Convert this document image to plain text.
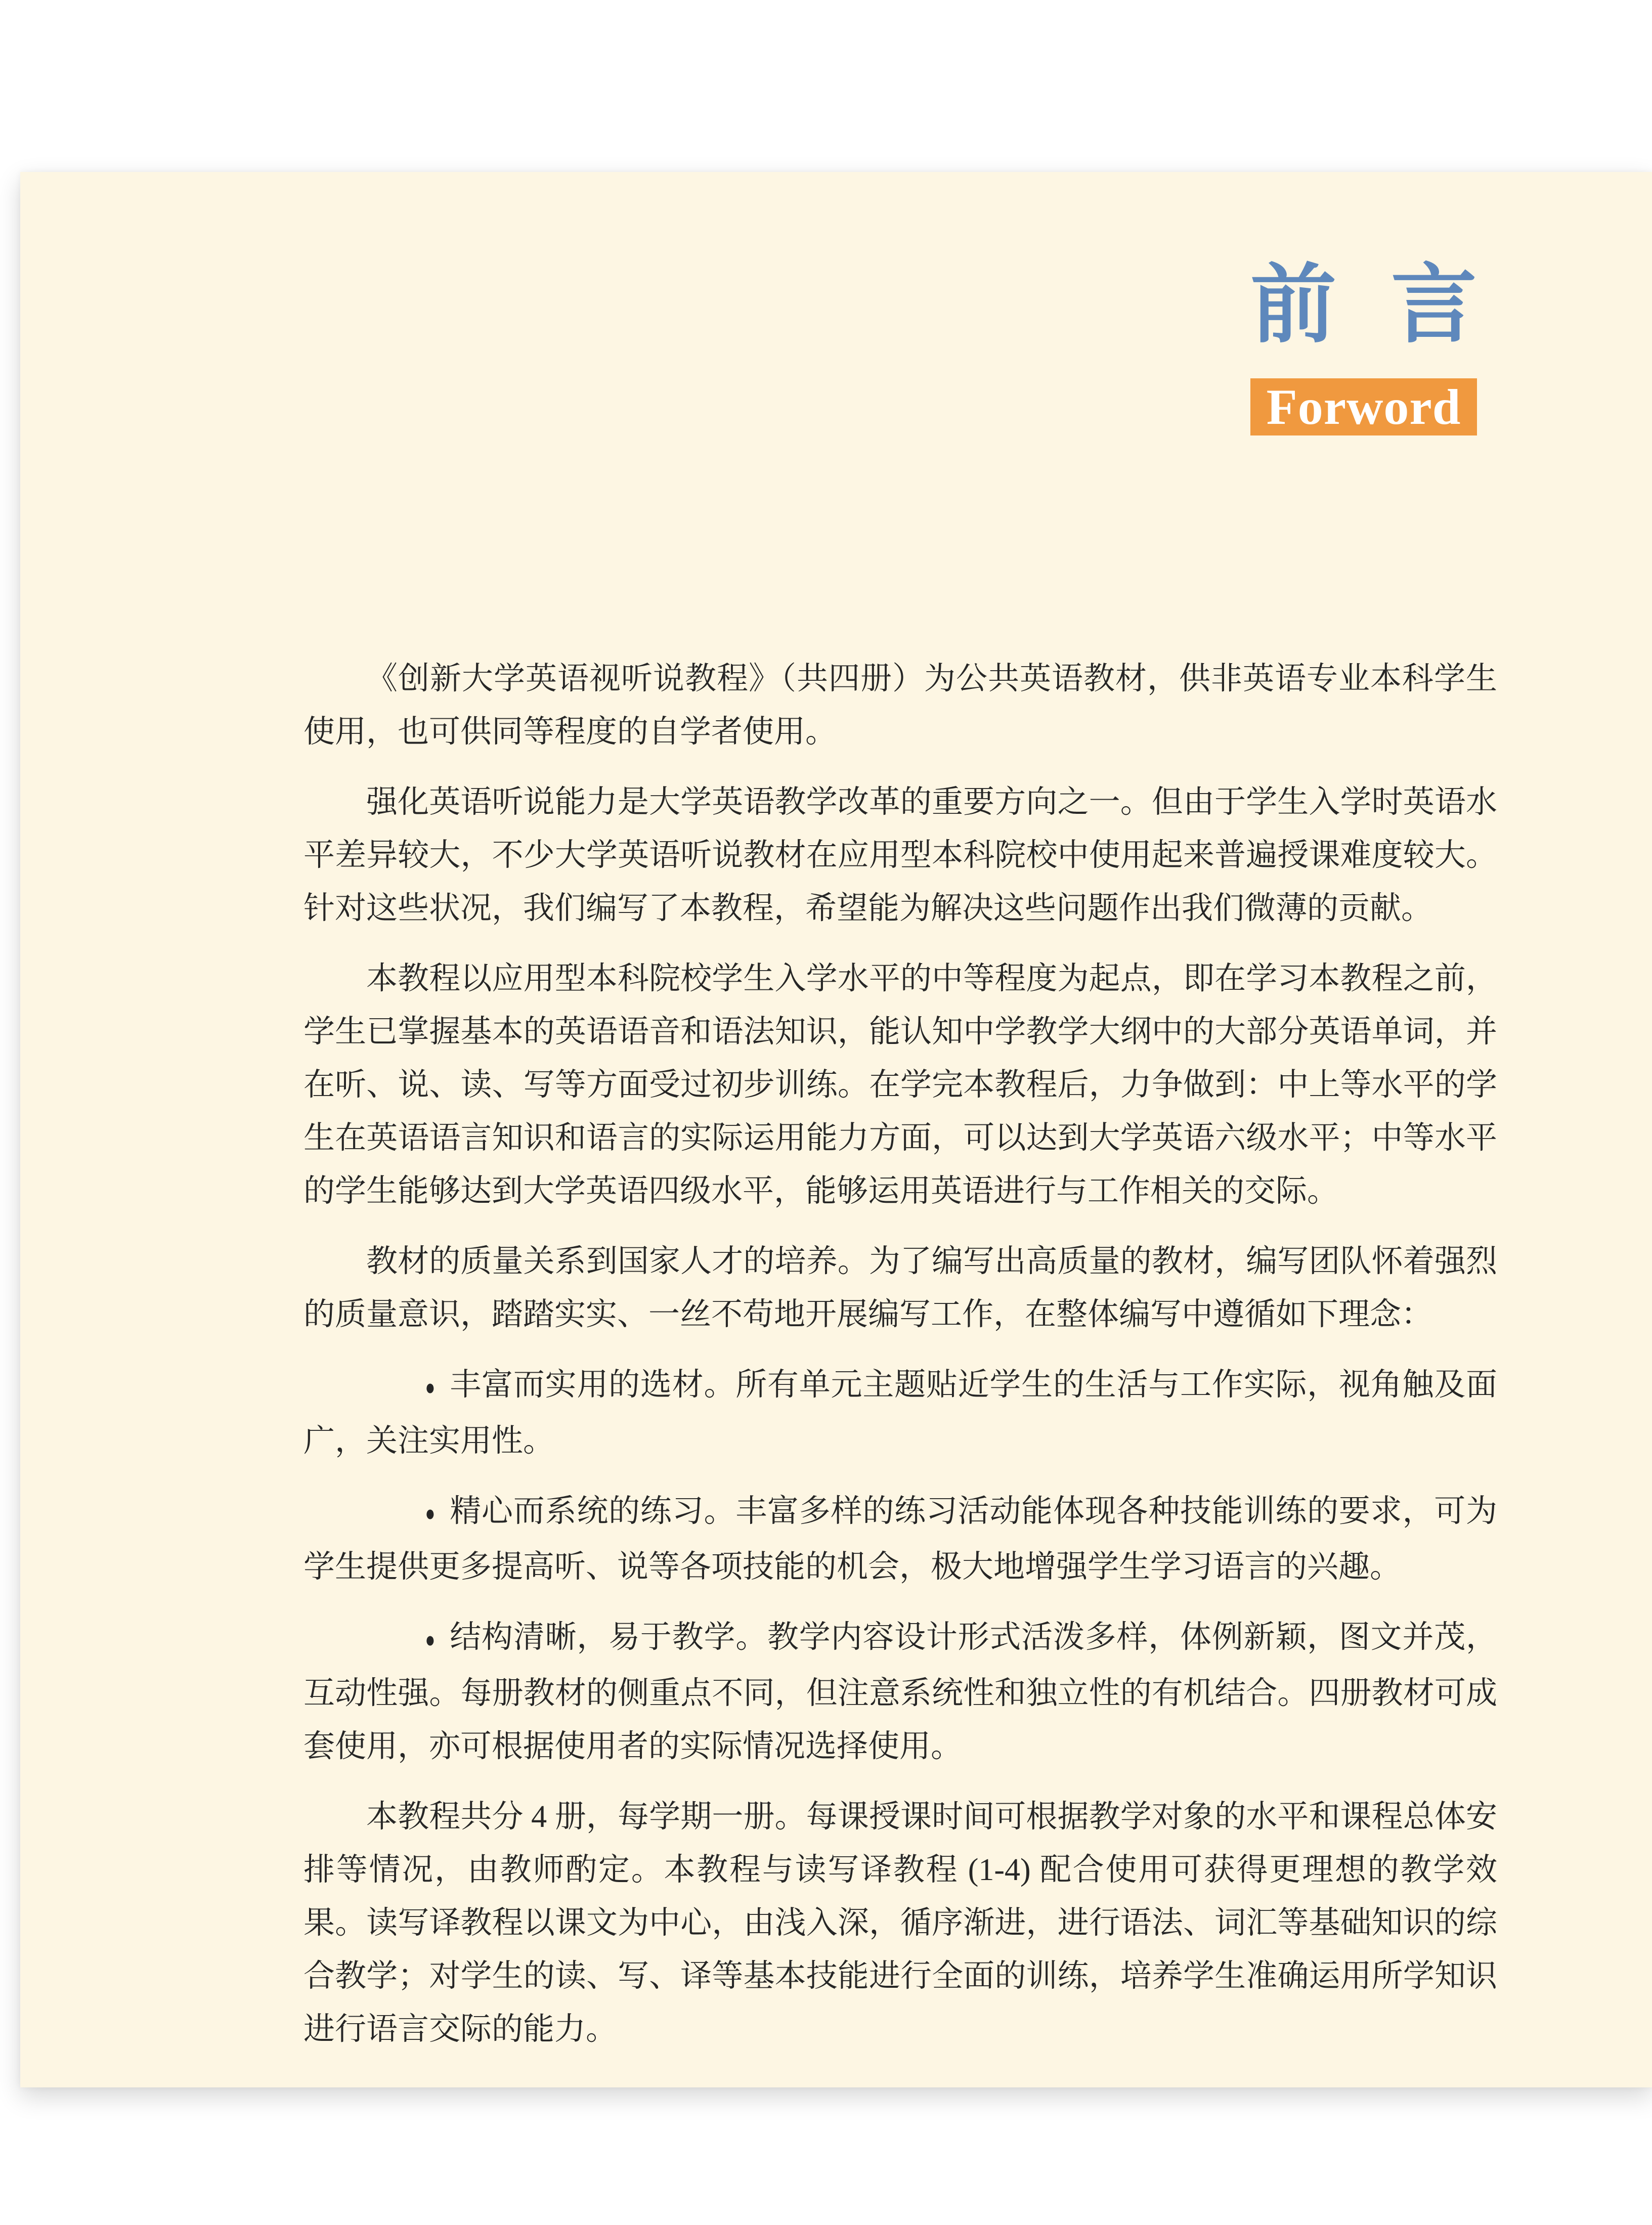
前 言
Forword

《创新大学英语视听说教程》（共四册）为公共英语教材，供非英语专业本科学生使用，也可供同等程度的自学者使用。

强化英语听说能力是大学英语教学改革的重要方向之一。但由于学生入学时英语水平差异较大，不少大学英语听说教材在应用型本科院校中使用起来普遍授课难度较大。针对这些状况，我们编写了本教程，希望能为解决这些问题作出我们微薄的贡献。

本教程以应用型本科院校学生入学水平的中等程度为起点，即在学习本教程之前，学生已掌握基本的英语语音和语法知识，能认知中学教学大纲中的大部分英语单词，并在听、说、读、写等方面受过初步训练。在学完本教程后，力争做到：中上等水平的学生在英语语言知识和语言的实际运用能力方面，可以达到大学英语六级水平；中等水平的学生能够达到大学英语四级水平，能够运用英语进行与工作相关的交际。

教材的质量关系到国家人才的培养。为了编写出高质量的教材，编写团队怀着强烈的质量意识，踏踏实实、一丝不苟地开展编写工作，在整体编写中遵循如下理念：

● 丰富而实用的选材。所有单元主题贴近学生的生活与工作实际，视角触及面广，关注实用性。

● 精心而系统的练习。丰富多样的练习活动能体现各种技能训练的要求，可为学生提供更多提高听、说等各项技能的机会，极大地增强学生学习语言的兴趣。

● 结构清晰，易于教学。教学内容设计形式活泼多样，体例新颖，图文并茂，互动性强。每册教材的侧重点不同，但注意系统性和独立性的有机结合。四册教材可成套使用，亦可根据使用者的实际情况选择使用。

本教程共分 4 册，每学期一册。每课授课时间可根据教学对象的水平和课程总体安排等情况，由教师酌定。本教程与读写译教程 (1-4) 配合使用可获得更理想的教学效果。读写译教程以课文为中心，由浅入深，循序渐进，进行语法、词汇等基础知识的综合教学；对学生的读、写、译等基本技能进行全面的训练，培养学生准确运用所学知识进行语言交际的能力。
